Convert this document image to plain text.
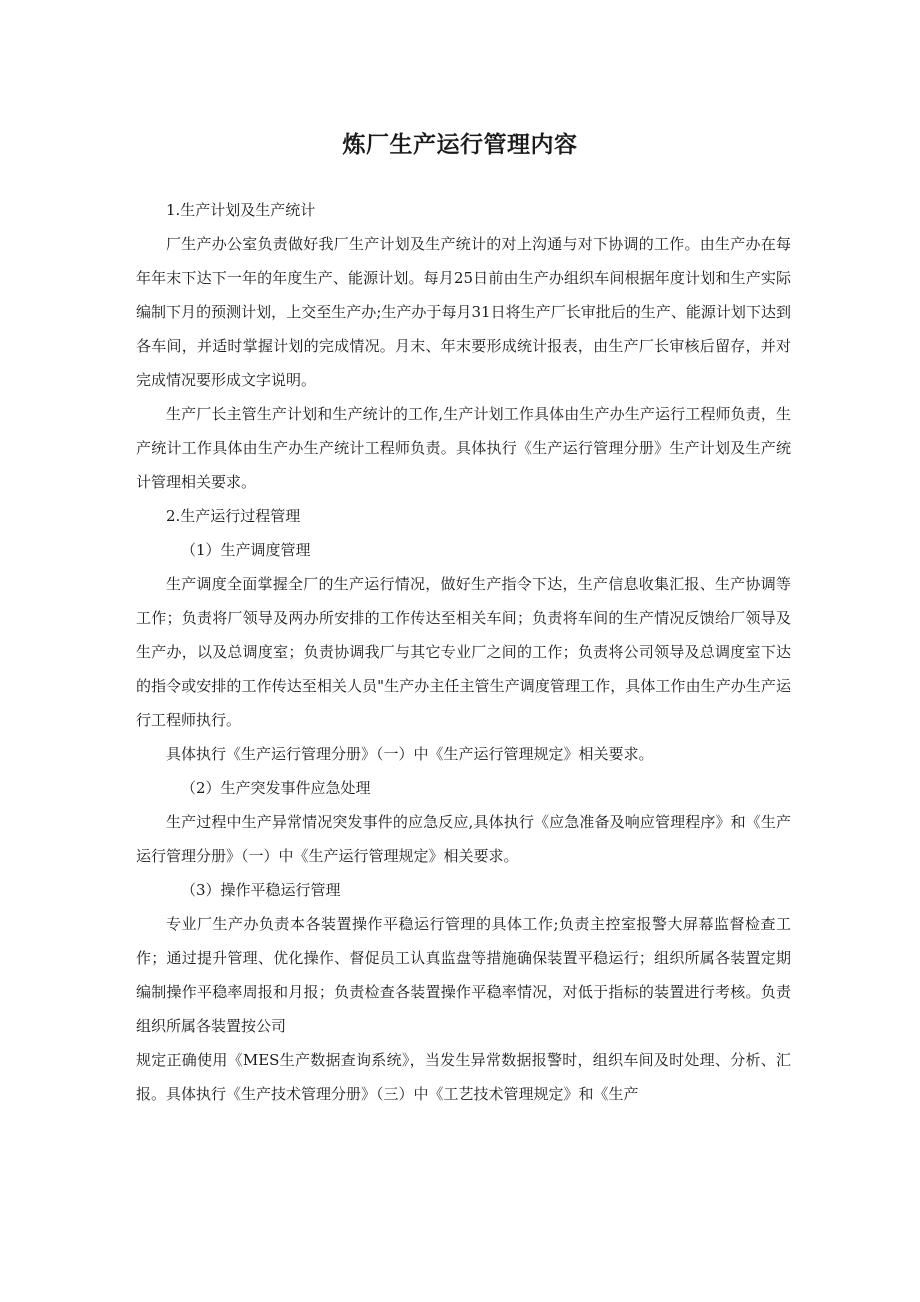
炼厂生产运行管理内容

1.生产计划及生产统计

厂生产办公室负责做好我厂生产计划及生产统计的对上沟通与对下协调的工作。由生产办在每年年末下达下一年的年度生产、能源计划。每月25日前由生产办组织车间根据年度计划和生产实际编制下月的预测计划，上交至生产办;生产办于每月31日将生产厂长审批后的生产、能源计划下达到各车间，并适时掌握计划的完成情况。月末、年末要形成统计报表，由生产厂长审核后留存，并对完成情况要形成文字说明。

生产厂长主管生产计划和生产统计的工作,生产计划工作具体由生产办生产运行工程师负责，生产统计工作具体由生产办生产统计工程师负责。具体执行《生产运行管理分册》生产计划及生产统计管理相关要求。

2.生产运行过程管理

（1）生产调度管理

生产调度全面掌握全厂的生产运行情况，做好生产指令下达，生产信息收集汇报、生产协调等工作；负责将厂领导及两办所安排的工作传达至相关车间；负责将车间的生产情况反馈给厂领导及生产办，以及总调度室；负责协调我厂与其它专业厂之间的工作；负责将公司领导及总调度室下达的指令或安排的工作传达至相关人员"生产办主任主管生产调度管理工作，具体工作由生产办生产运行工程师执行。

具体执行《生产运行管理分册》（一）中《生产运行管理规定》相关要求。

（2）生产突发事件应急处理

生产过程中生产异常情况突发事件的应急反应,具体执行《应急准备及响应管理程序》和《生产运行管理分册》（一）中《生产运行管理规定》相关要求。

（3）操作平稳运行管理

专业厂生产办负责本各装置操作平稳运行管理的具体工作;负责主控室报警大屏幕监督检查工作；通过提升管理、优化操作、督促员工认真监盘等措施确保装置平稳运行；组织所属各装置定期编制操作平稳率周报和月报；负责检查各装置操作平稳率情况，对低于指标的装置进行考核。负责组织所属各装置按公司

规定正确使用《MES生产数据查询系统》，当发生异常数据报警时，组织车间及时处理、分析、汇报。具体执行《生产技术管理分册》（三）中《工艺技术管理规定》和《生产
